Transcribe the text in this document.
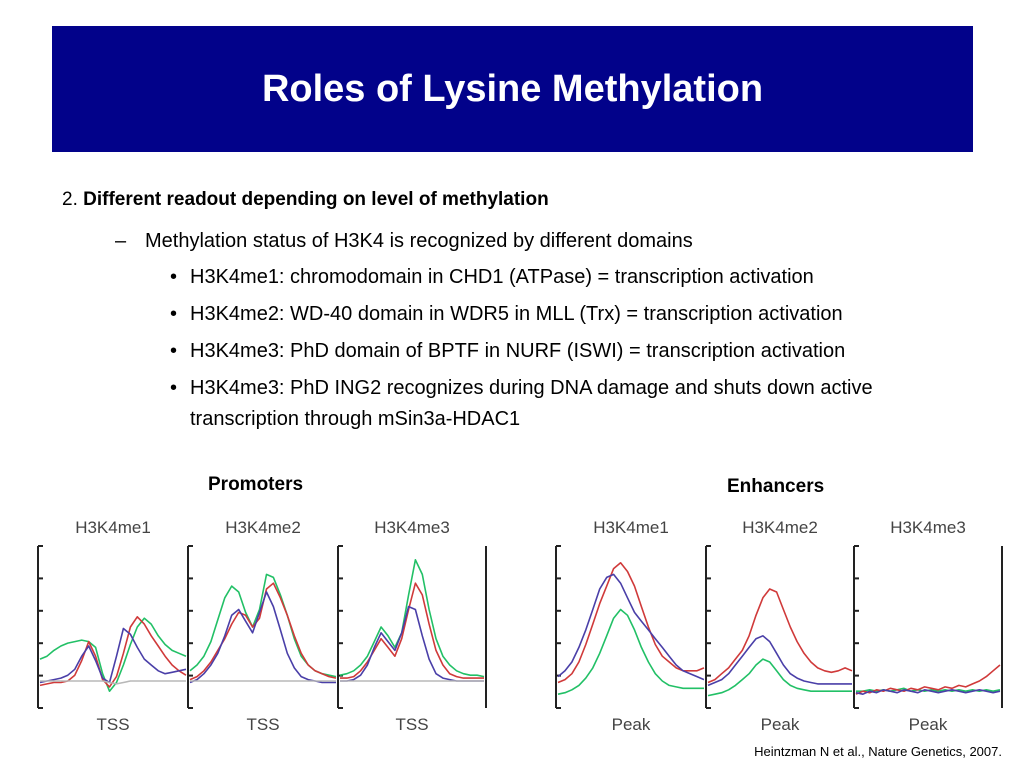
Roles of Lysine Methylation
2. Different readout depending on level of methylation
– Methylation status of H3K4 is recognized by different domains
• H3K4me1: chromodomain in CHD1 (ATPase) = transcription activation
• H3K4me2: WD-40 domain in WDR5 in MLL (Trx) = transcription activation
• H3K4me3: PhD domain of BPTF in NURF (ISWI) = transcription activation
• H3K4me3: PhD ING2 recognizes during DNA damage and shuts down active transcription through mSin3a-HDAC1
Promoters	Enhancers
H3K4me1
TSS
H3K4me2
TSS
H3K4me3
TSS
H3K4me1
Peak
H3K4me2
Peak
H3K4me3
Peak
Heintzman N et al., Nature Genetics, 2007.
